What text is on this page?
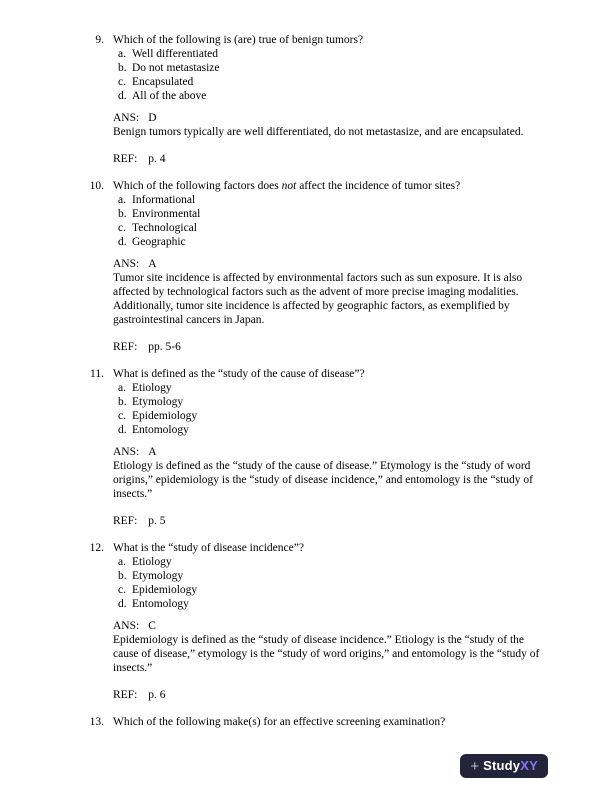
9. Which of the following is (are) true of benign tumors?
a. Well differentiated
b. Do not metastasize
c. Encapsulated
d. All of the above
ANS: D
Benign tumors typically are well differentiated, do not metastasize, and are encapsulated.
REF: p. 4
10. Which of the following factors does not affect the incidence of tumor sites?
a. Informational
b. Environmental
c. Technological
d. Geographic
ANS: A
Tumor site incidence is affected by environmental factors such as sun exposure. It is also affected by technological factors such as the advent of more precise imaging modalities. Additionally, tumor site incidence is affected by geographic factors, as exemplified by gastrointestinal cancers in Japan.
REF: pp. 5-6
11. What is defined as the “study of the cause of disease”?
a. Etiology
b. Etymology
c. Epidemiology
d. Entomology
ANS: A
Etiology is defined as the “study of the cause of disease.” Etymology is the “study of word origins,” epidemiology is the “study of disease incidence,” and entomology is the “study of insects.”
REF: p. 5
12. What is the “study of disease incidence”?
a. Etiology
b. Etymology
c. Epidemiology
d. Entomology
ANS: C
Epidemiology is defined as the “study of disease incidence.” Etiology is the “study of the cause of disease,” etymology is the “study of word origins,” and entomology is the “study of insects.”
REF: p. 6
13. Which of the following make(s) for an effective screening examination?
+ Study XY
